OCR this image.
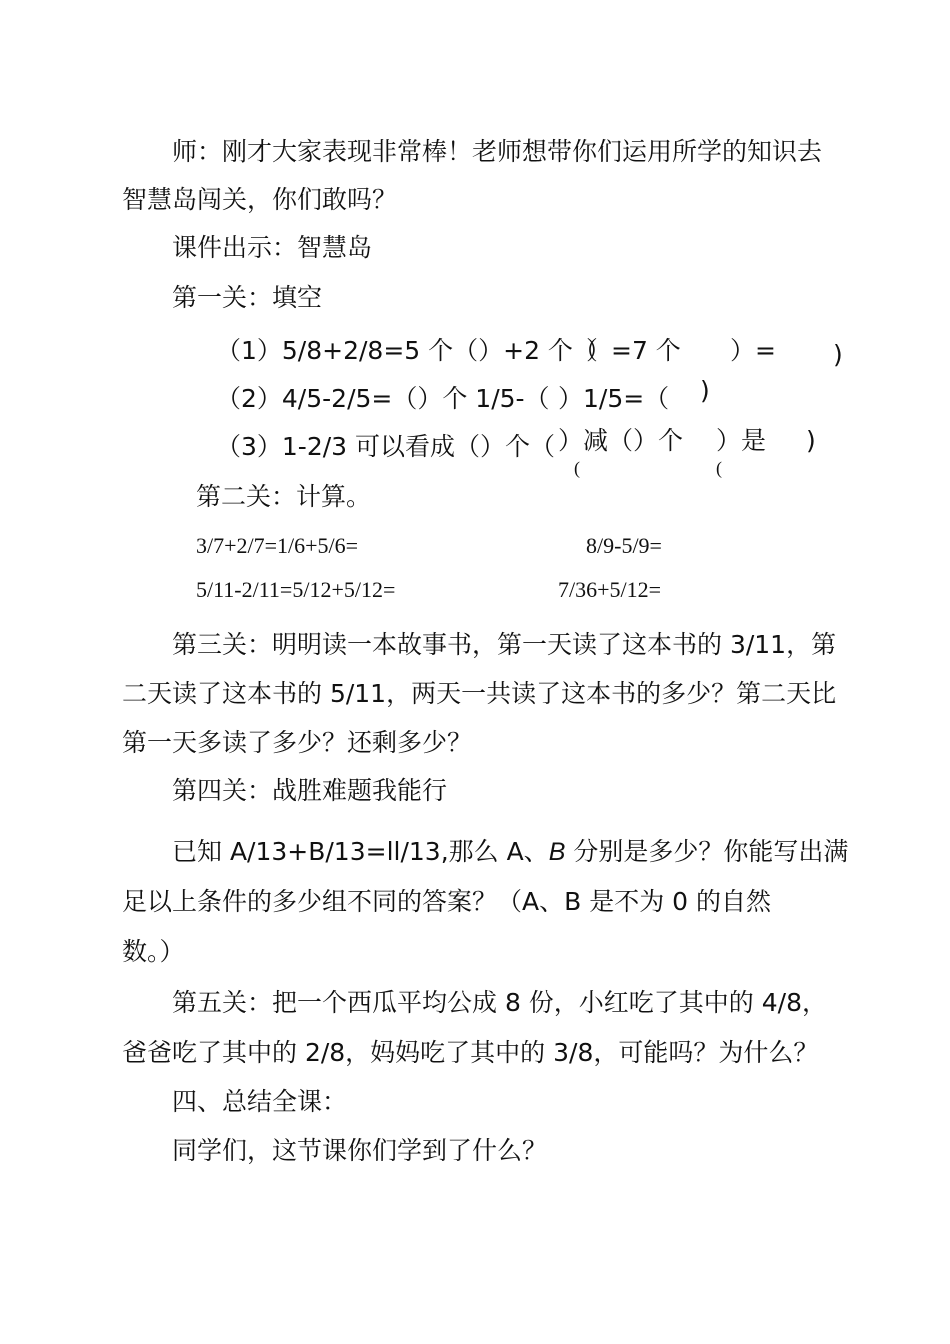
师：刚才大家表现非常棒！老师想带你们运用所学的知识去
智慧岛闯关，你们敢吗？
课件出示：智慧岛
第一关：填空
（1）5/8+2/8=5 个（）+2 个（
）=7 个 ）= )
（2）4/5-2/5=（）个 1/5-（ ）1/5=（ )
（3）1-2/3 可以看成（）个（ ）减（）个 ）是 )
(	(
第二关：计算。
3/7+2/7=1/6+5/6=	8/9-5/9=
5/11-2/11=5/12+5/12=	7/36+5/12=
第三关：明明读一本故事书，第一天读了这本书的 3/11，第
二天读了这本书的 5/11，两天一共读了这本书的多少？第二天比
第一天多读了多少？还剩多少？
第四关：战胜难题我能行
已知 A/13+B/13=ll/13,那么 A、B 分别是多少？你能写出满
足以上条件的多少组不同的答案？（A、B 是不为 0 的自然
数。）
第五关：把一个西瓜平均公成 8 份，小红吃了其中的 4/8，
爸爸吃了其中的 2/8，妈妈吃了其中的 3/8，可能吗？为什么？
四、总结全课：
同学们，这节课你们学到了什么？
